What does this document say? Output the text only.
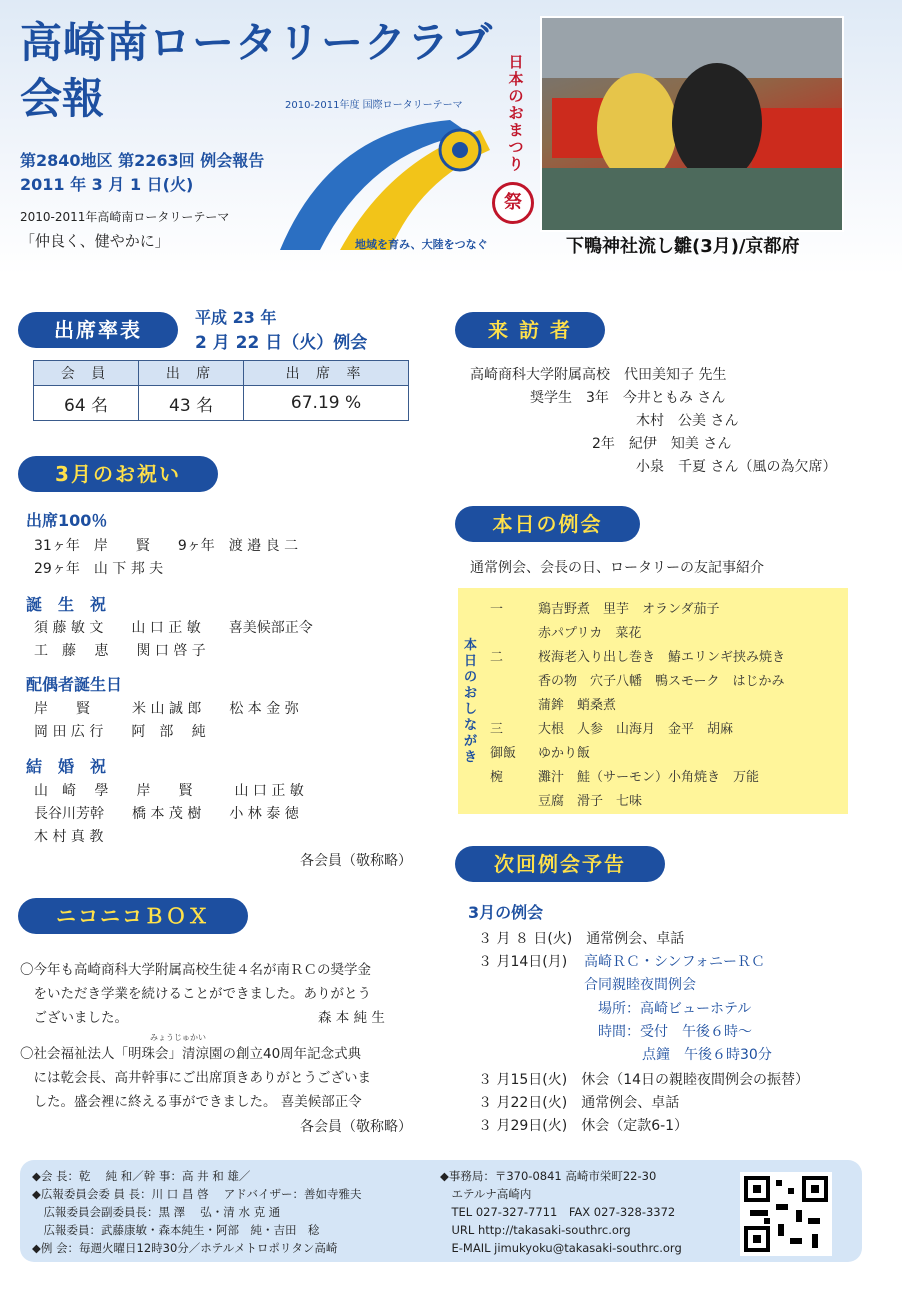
高崎南ロータリークラブ
会報	2010-2011年度 国際ロータリーテーマ
第2840地区 第2263回 例会報告
2011 年 3 月 1 日(火)
2010-2011年高崎南ロータリーテーマ
「仲良く、健やかに」	地域を育み、大陸をつなぐ
日本のおまつり
祭
下鴨神社流し雛(3月)/京都府
出席率表
平成 23 年
2 月 22 日（火）例会
会 員	出 席	出 席 率
64 名	43 名	67.19 %
3月のお祝い
出席100％
31ヶ年　岸　　賢　　9ヶ年　渡 邉 良 二
29ヶ年　山 下 邦 夫
誕　生　祝
須 藤 敏 文　　山 口 正 敏　　喜美候部正令
工　藤　 恵　　関 口 啓 子
配偶者誕生日
岸　　賢　　　米 山 誠 郎　　松 本 金 弥
岡 田 広 行　　阿　部　 純
結　婚　祝
山　崎　 學　　岸　　賢　　　山 口 正 敏
長谷川芳幹　　橋 本 茂 樹　　小 林 泰 徳
木 村 真 教
各会員（敬称略）
ニコニコＢＯＸ
〇今年も高崎商科大学附属高校生徒４名が南ＲＣの奨学金
　をいただき学業を続けることができました。ありがとう
　ございました。	森 本 純 生
みょうじゅかい
〇社会福祉法人「明珠会」清涼園の創立40周年記念式典
　には乾会長、高井幹事にご出席頂きありがとうございま
　した。盛会裡に終える事ができました。 喜美候部正令
各会員（敬称略）
来 訪 者
高崎商科大学附属高校　代田美知子 先生
奨学生　3年　今井ともみ さん
木村　公美 さん
2年　紀伊　知美 さん
小泉　千夏 さん（風の為欠席）
本日の例会
通常例会、会長の日、ロータリーの友記事紹介
本日のおしながき
一	鶏吉野煮　里芋　オランダ茄子
赤パプリカ　菜花
二	桜海老入り出し巻き　鰆エリンギ挟み焼き
香の物　穴子八幡　鴨スモーク　はじかみ
蒲鉾　蛸桑煮
三	大根　人参　山海月　金平　胡麻
御飯 ゆかり飯
椀	灘汁　鮭（サーモン）小角焼き　万能
豆腐　滑子　七味
次回例会予告
3月の例会
３ 月 ８ 日(火)　通常例会、卓話
３ 月14日(月) 高崎ＲＣ・シンフォニーＲＣ
合同親睦夜間例会
場所：高崎ビューホテル
時間：受付　午後６時〜
点鐘　午後６時30分
３ 月15日(火)　休会（14日の親睦夜間例会の振替）
３ 月22日(火)　通常例会、卓話
３ 月29日(火)　休会（定款6-1）
◆会 長：乾　 純 和／幹 事：高 井 和 雄／
◆広報委員会委 員 長：川 口 昌 啓　 アドバイザー：善如寺雅夫
　広報委員会副委員長：黒 澤　 弘・清 水 克 通
　広報委員：武藤康敏・森本純生・阿部　純・吉田　稔
◆例 会：毎週火曜日12時30分／ホテルメトロポリタン高崎
◆事務局：〒370-0841 高崎市栄町22-30
　エテルナ高崎内
　TEL 027-327-7711　FAX 027-328-3372
　URL http://takasaki-southrc.org
　E-MAIL jimukyoku@takasaki-southrc.org
